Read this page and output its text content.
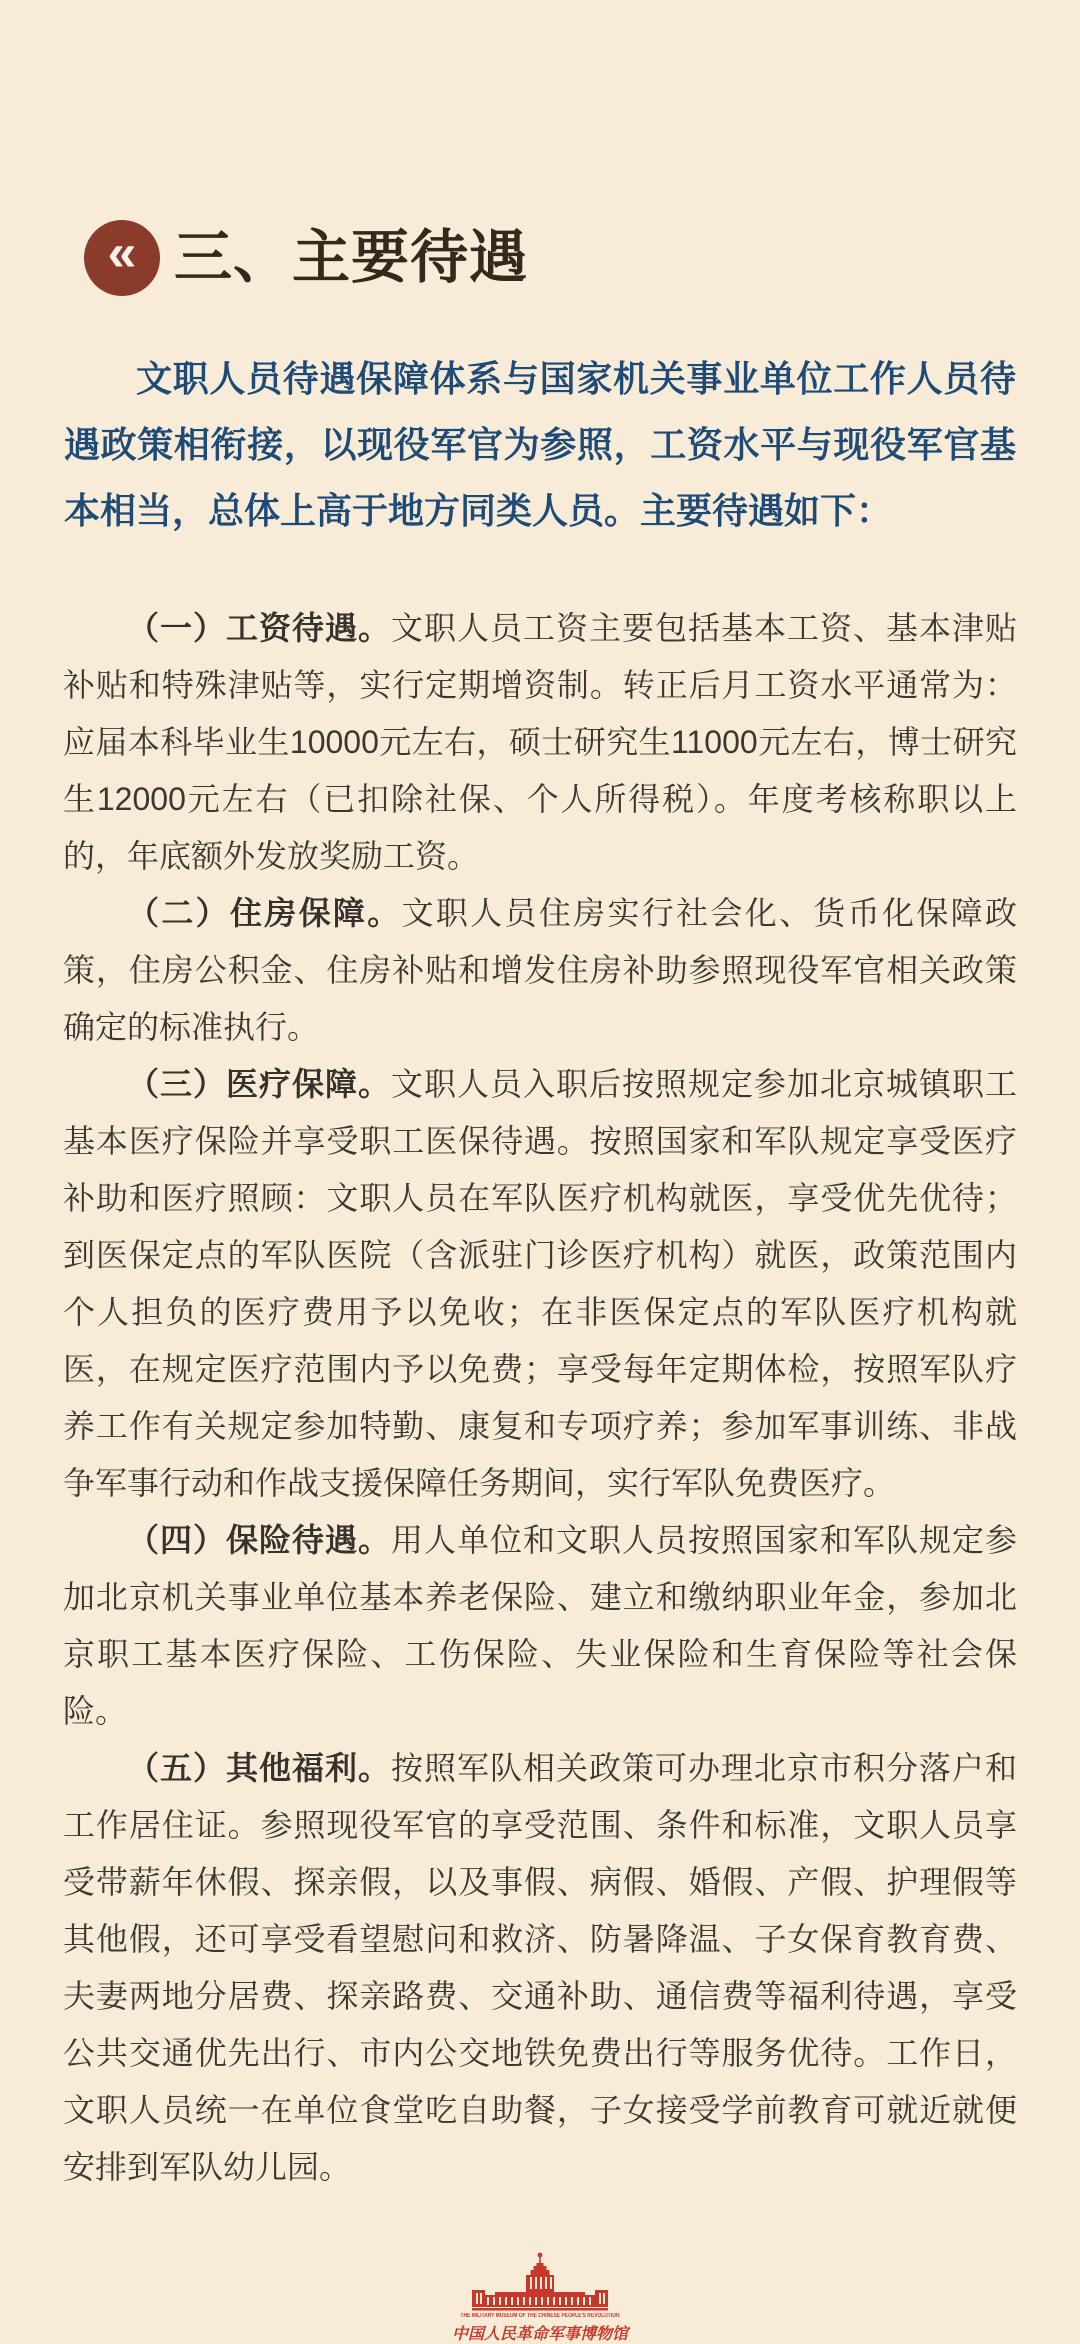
« 三、主要待遇

文职人员待遇保障体系与国家机关事业单位工作人员待遇政策相衔接，以现役军官为参照，工资水平与现役军官基本相当，总体上高于地方同类人员。主要待遇如下：

（一）工资待遇。文职人员工资主要包括基本工资、基本津贴补贴和特殊津贴等，实行定期增资制。转正后月工资水平通常为：应届本科毕业生10000元左右，硕士研究生11000元左右，博士研究生12000元左右（已扣除社保、个人所得税）。年度考核称职以上的，年底额外发放奖励工资。

（二）住房保障。文职人员住房实行社会化、货币化保障政策，住房公积金、住房补贴和增发住房补助参照现役军官相关政策确定的标准执行。

（三）医疗保障。文职人员入职后按照规定参加北京城镇职工基本医疗保险并享受职工医保待遇。按照国家和军队规定享受医疗补助和医疗照顾：文职人员在军队医疗机构就医，享受优先优待；到医保定点的军队医院（含派驻门诊医疗机构）就医，政策范围内个人担负的医疗费用予以免收；在非医保定点的军队医疗机构就医，在规定医疗范围内予以免费；享受每年定期体检，按照军队疗养工作有关规定参加特勤、康复和专项疗养；参加军事训练、非战争军事行动和作战支援保障任务期间，实行军队免费医疗。

（四）保险待遇。用人单位和文职人员按照国家和军队规定参加北京机关事业单位基本养老保险、建立和缴纳职业年金，参加北京职工基本医疗保险、工伤保险、失业保险和生育保险等社会保险。

（五）其他福利。按照军队相关政策可办理北京市积分落户和工作居住证。参照现役军官的享受范围、条件和标准，文职人员享受带薪年休假、探亲假，以及事假、病假、婚假、产假、护理假等其他假，还可享受看望慰问和救济、防暑降温、子女保育教育费、夫妻两地分居费、探亲路费、交通补助、通信费等福利待遇，享受公共交通优先出行、市内公交地铁免费出行等服务优待。工作日，文职人员统一在单位食堂吃自助餐，子女接受学前教育可就近就便安排到军队幼儿园。

THE MILITARY MUSEUM OF THE CHINESE PEOPLE'S REVOLUTION
中国人民革命军事博物馆
